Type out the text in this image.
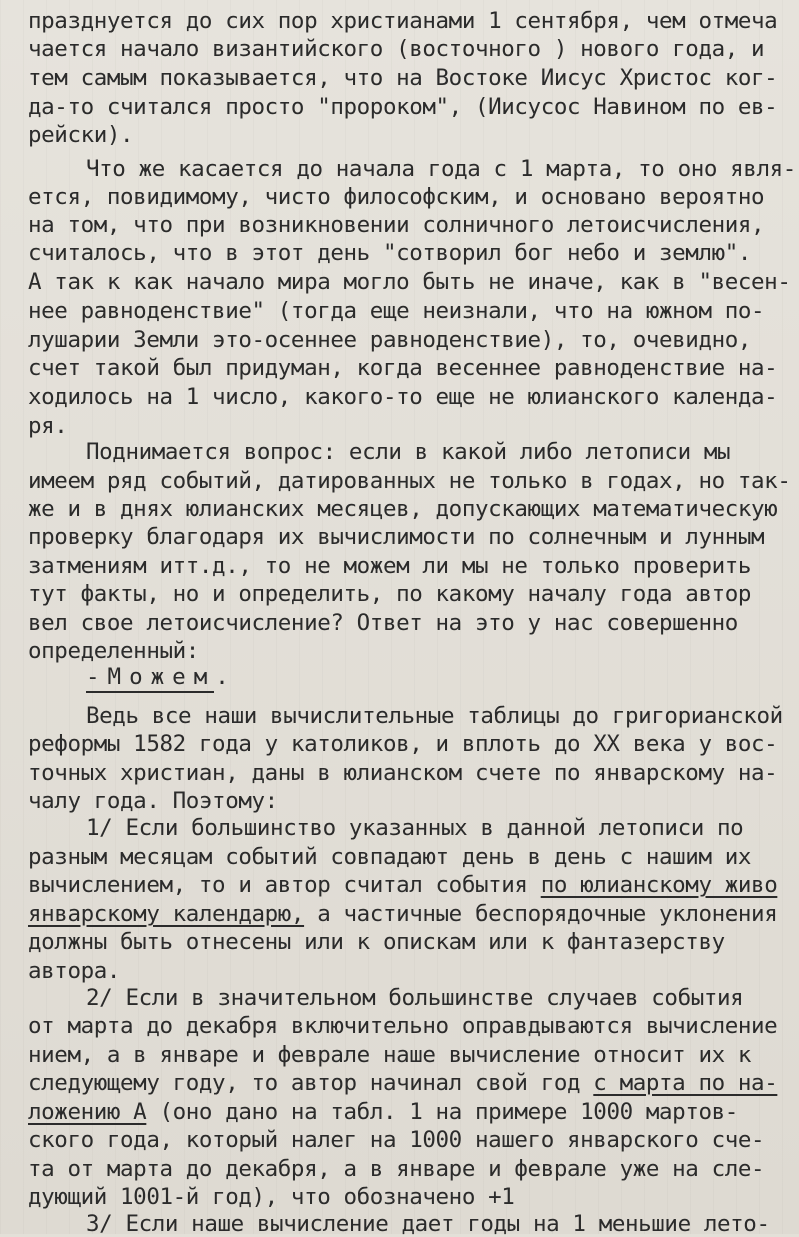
празднуется до сих пор христианами 1 сентября, чем отмеча
чается начало византийского (восточного ) нового года, и
тем самым показывается, что на Востоке Иисус Христос ког-
да-то считался просто "пророком", (Иисусос Навином по ев-
рейски).
Что же касается до начала года с 1 марта, то оно явля-
ется, повидимому, чисто философским, и основано вероятно
на том, что при возникновении солничного летоисчисления,
считалось, что в этот день "сотворил бог небо и землю".
А так к как начало мира могло быть не иначе, как в "весен-
нее равноденствие" (тогда еще неизнали, что на южном по-
лушарии Земли это-осеннее равноденствие), то, очевидно,
счет такой был придуман, когда весеннее равноденствие на-
ходилось на 1 число, какого-то еще не юлианского календа-
ря.
Поднимается вопрос: если в какой либо летописи мы
имеем ряд событий, датированных не только в годах, но так-
же и в днях юлианских месяцев, допускающих математическую
проверку благодаря их вычислимости по солнечным и лунным
затмениям итт.д., то не можем ли мы не только проверить
тут факты, но и определить, по какому началу года автор
вел свое летоисчисление? Ответ на это у нас совершенно
определенный:
-Можем.
Ведь все наши вычислительные таблицы до григорианской
реформы 1582 года у католиков, и вплоть до XX века у вос-
точных христиан, даны в юлианском счете по январскому на-
чалу года. Поэтому:
1/ Если большинство указанных в данной летописи по
разным месяцам событий совпадают день в день с нашим их
вычислением, то и автор считал события по юлианскому живо
январскому календарю, а частичные беспорядочные уклонения
должны быть отнесены или к опискам или к фантазерству
автора.
2/ Если в значительном большинстве случаев события
от марта до декабря включительно оправдываются вычисление
нием, а в январе и феврале наше вычисление относит их к
следующему году, то автор начинал свой год с марта по на-
ложению А (оно дано на табл. 1 на примере 1000 мартов-
ского года, который налег на 1000 нашего январского сче-
та от марта до декабря, а в январе и феврале уже на сле-
дующий 1001-й год), что обозначено +1
3/ Если наше вычисление дает годы на 1 меньшие лето-
